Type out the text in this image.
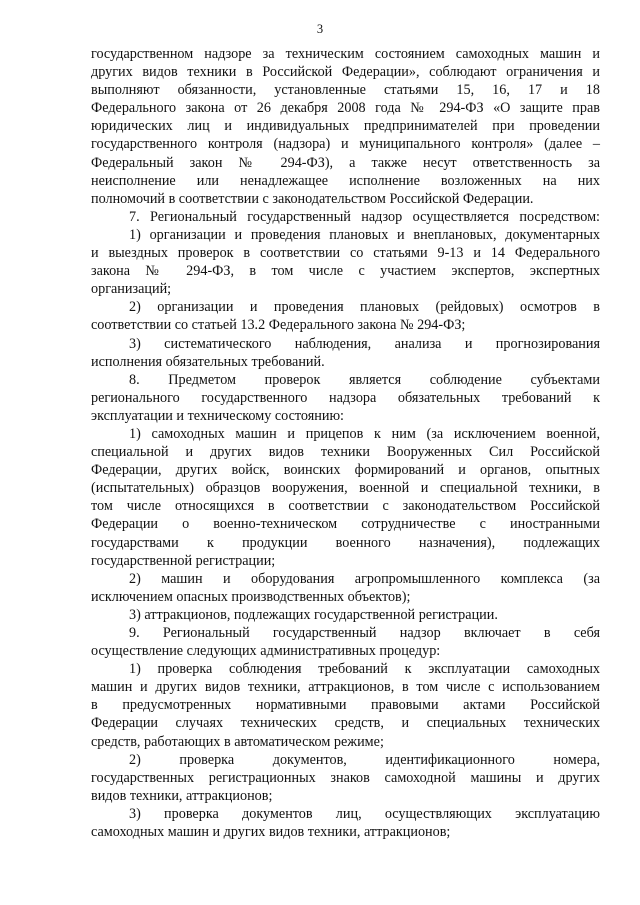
3
государственном надзоре за техническим состоянием самоходных машин и
других видов техники в Российской Федерации», соблюдают ограничения и
выполняют обязанности, установленные статьями 15, 16, 17 и 18
Федерального закона от 26 декабря 2008 года № 294-ФЗ «О защите прав
юридических лиц и индивидуальных предпринимателей при проведении
государственного контроля (надзора) и муниципального контроля» (далее –
Федеральный закон № 294-ФЗ), а также несут ответственность за
неисполнение или ненадлежащее исполнение возложенных на них
полномочий в соответствии с законодательством Российской Федерации.
7. Региональный государственный надзор осуществляется посредством:
1) организации и проведения плановых и внеплановых, документарных
и выездных проверок в соответствии со статьями 9-13 и 14 Федерального
закона № 294-ФЗ, в том числе с участием экспертов, экспертных
организаций;
2) организации и проведения плановых (рейдовых) осмотров в
соответствии со статьей 13.2 Федерального закона № 294-ФЗ;
3) систематического наблюдения, анализа и прогнозирования
исполнения обязательных требований.
8. Предметом проверок является соблюдение субъектами
регионального государственного надзора обязательных требований к
эксплуатации и техническому состоянию:
1) самоходных машин и прицепов к ним (за исключением военной,
специальной и других видов техники Вооруженных Сил Российской
Федерации, других войск, воинских формирований и органов, опытных
(испытательных) образцов вооружения, военной и специальной техники, в
том числе относящихся в соответствии с законодательством Российской
Федерации о военно-техническом сотрудничестве с иностранными
государствами к продукции военного назначения), подлежащих
государственной регистрации;
2) машин и оборудования агропромышленного комплекса (за
исключением опасных производственных объектов);
3) аттракционов, подлежащих государственной регистрации.
9. Региональный государственный надзор включает в себя
осуществление следующих административных процедур:
1) проверка соблюдения требований к эксплуатации самоходных
машин и других видов техники, аттракционов, в том числе с использованием
в предусмотренных нормативными правовыми актами Российской
Федерации случаях технических средств, и специальных технических
средств, работающих в автоматическом режиме;
2) проверка документов, идентификационного номера,
государственных регистрационных знаков самоходной машины и других
видов техники, аттракционов;
3) проверка документов лиц, осуществляющих эксплуатацию
самоходных машин и других видов техники, аттракционов;
